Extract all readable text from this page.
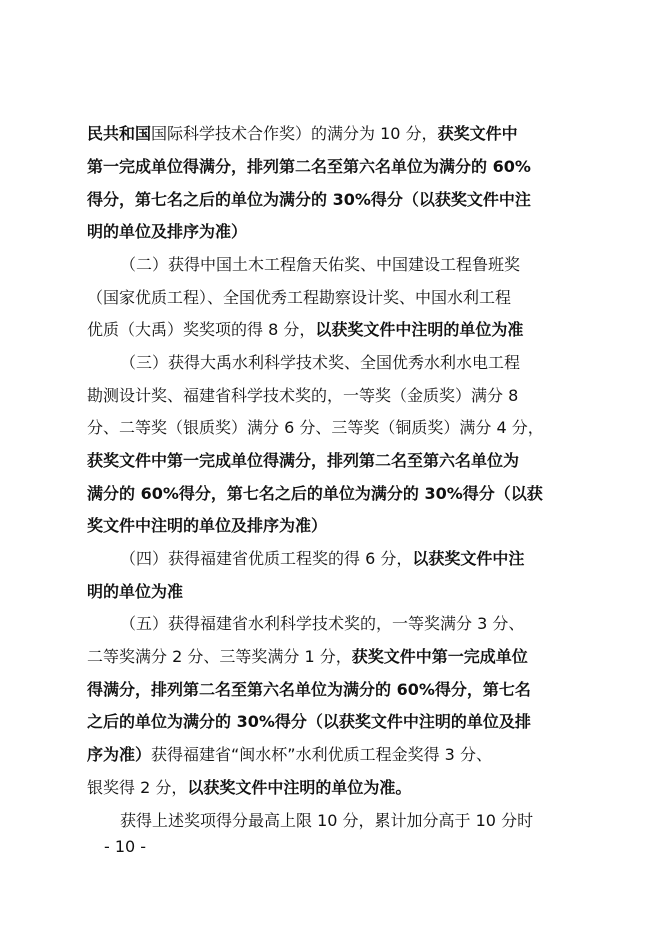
民共和国国际科学技术合作奖）的满分为 10 分，获奖文件中
第一完成单位得满分，排列第二名至第六名单位为满分的 60%
得分，第七名之后的单位为满分的 30%得分（以获奖文件中注
明的单位及排序为准）
（二）获得中国土木工程詹天佑奖、中国建设工程鲁班奖
（国家优质工程）、全国优秀工程勘察设计奖、中国水利工程
优质（大禹）奖奖项的得 8 分，以获奖文件中注明的单位为准
（三）获得大禹水利科学技术奖、全国优秀水利水电工程
勘测设计奖、福建省科学技术奖的，一等奖（金质奖）满分 8
分、二等奖（银质奖）满分 6 分、三等奖（铜质奖）满分 4 分，
获奖文件中第一完成单位得满分，排列第二名至第六名单位为
满分的 60%得分，第七名之后的单位为满分的 30%得分（以获
奖文件中注明的单位及排序为准）
（四）获得福建省优质工程奖的得 6 分，以获奖文件中注
明的单位为准
（五）获得福建省水利科学技术奖的，一等奖满分 3 分、
二等奖满分 2 分、三等奖满分 1 分，获奖文件中第一完成单位
得满分，排列第二名至第六名单位为满分的 60%得分，第七名
之后的单位为满分的 30%得分（以获奖文件中注明的单位及排
序为准）获得福建省“闽水杯”水利优质工程金奖得 3 分、
银奖得 2 分，以获奖文件中注明的单位为准。
获得上述奖项得分最高上限 10 分，累计加分高于 10 分时
- 10 -
